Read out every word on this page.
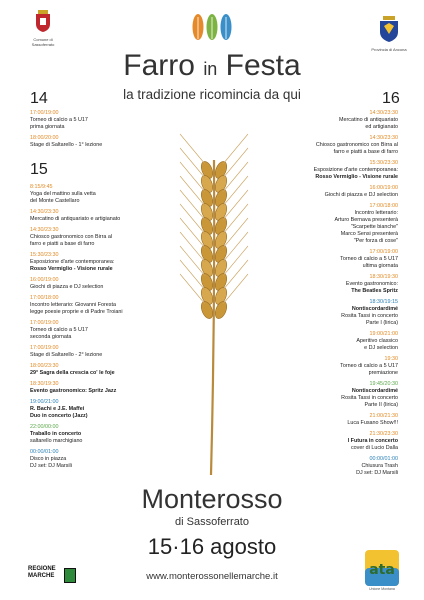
Comune di Sassoferrato
Provincia di Ancona
Farro in Festa
la tradizione ricomincia da qui
14	16
15
17:00/19:00
Torneo di calcio a 5 U17
prima giornata
18:00/20:00
Stage di Saltarello - 1° lezione
8:15/9:45
Yoga del mattino sulla vetta
del Monte Castellaro
14:30/23:30
Mercatino di antiquariato e artigianato
14:30/23:30
Chiosco gastronomico con Birra al
farro e piatti a base di farro
15:30/23:30
Esposizione d'arte contemporanea:
Rosso Vermiglio - Visione rurale
16:00/19:00
Giochi di piazza e DJ selection
17:00/18:00
Incontro letterario: Giovanni Foresta
legge poesie proprie e di Padre Troiani
17:00/19:00
Torneo di calcio a 5 U17
seconda giornata
17:00/19:00
Stage di Saltarello - 2° lezione
18:00/23:30
29° Sagra della crescia co' le foje
18:30/19:30
Evento gastronomico: Spritz Jazz
19:00/21:00
R. Bachi e J.E. Maffei
Duo in concerto (Jazz)
22:00/00:00
Traballo in concerto
saltarello marchigiano
00:00/01:00
Disco in piazza
DJ set: DJ Marsili
14:30/23:30
Mercatino di antiquariato
ed artigianato
14:30/23:30
Chiosco gastronomico con Birra al
farro e piatti a base di farro
15:30/23:30
Esposizione d'arte contemporanea:
Rosso Vermiglio - Visione rurale
16:00/19:00
Giochi di piazza e DJ selection
17:00/18:00
Incontro letterario:
Arturo Bernava presenterà
"Scarpette bianche"
Marco Sensi presenterà
"Per forza di cose"
17:00/19:00
Torneo di calcio a 5 U17
ultima giornata
18:30/19:30
Evento gastronomico:
The Beatles Spritz
18:30/19:15
Nontiscordardimé
Rosita Tassi in concerto
Parte I (lirica)
19:00/21:00
Aperitivo classico
e DJ selection
19:30
Torneo di calcio a 5 U17
premiazione
19:45/20:30
Nontiscordardimé
Rosita Tassi in concerto
Parte II (lirica)
21:00/21:30
Luca Fusano Show!!!
21:30/23:30
I Futura in concerto
cover di Lucio Dalla
00:00/01:00
Chiusura Trash
DJ set: DJ Marsili
Monterosso
di Sassoferrato
15·16 agosto
www.monterossonellemarche.it
REGIONE
MARCHE	ata
Unione Montana
